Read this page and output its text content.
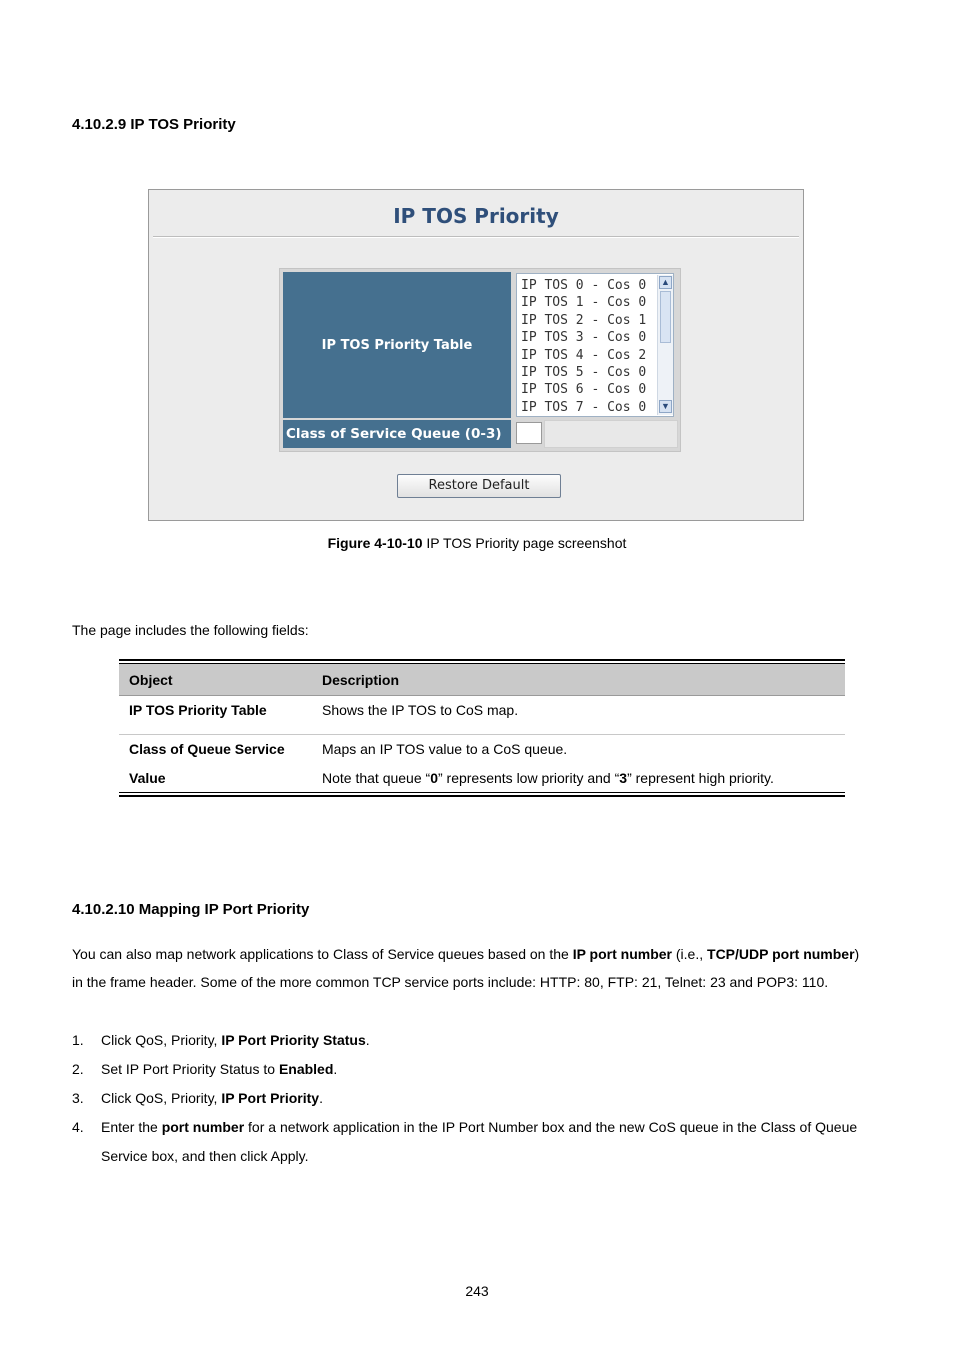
4.10.2.9 IP TOS Priority
IP TOS Priority
IP TOS Priority Table
IP TOS 0 - Cos 0
IP TOS 1 - Cos 0
IP TOS 2 - Cos 1
IP TOS 3 - Cos 0
IP TOS 4 - Cos 2
IP TOS 5 - Cos 0
IP TOS 6 - Cos 0
IP TOS 7 - Cos 0
▲
▼
Class of Service Queue (0-3)
Restore Default
Figure 4-10-10 IP TOS Priority page screenshot
The page includes the following fields:
Object	Description
IP TOS Priority Table	Shows the IP TOS to CoS map.
Class of Queue Service
Value
Maps an IP TOS value to a CoS queue.
Note that queue “0” represents low priority and “3” represent high priority.
4.10.2.10 Mapping IP Port Priority
You can also map network applications to Class of Service queues based on the IP port number (i.e., TCP/UDP port number)
in the frame header. Some of the more common TCP service ports include: HTTP: 80, FTP: 21, Telnet: 23 and POP3: 110.
1. Click QoS, Priority, IP Port Priority Status.
2. Set IP Port Priority Status to Enabled.
3. Click QoS, Priority, IP Port Priority.
4. Enter the port number for a network application in the IP Port Number box and the new CoS queue in the Class of Queue
Service box, and then click Apply.
243
